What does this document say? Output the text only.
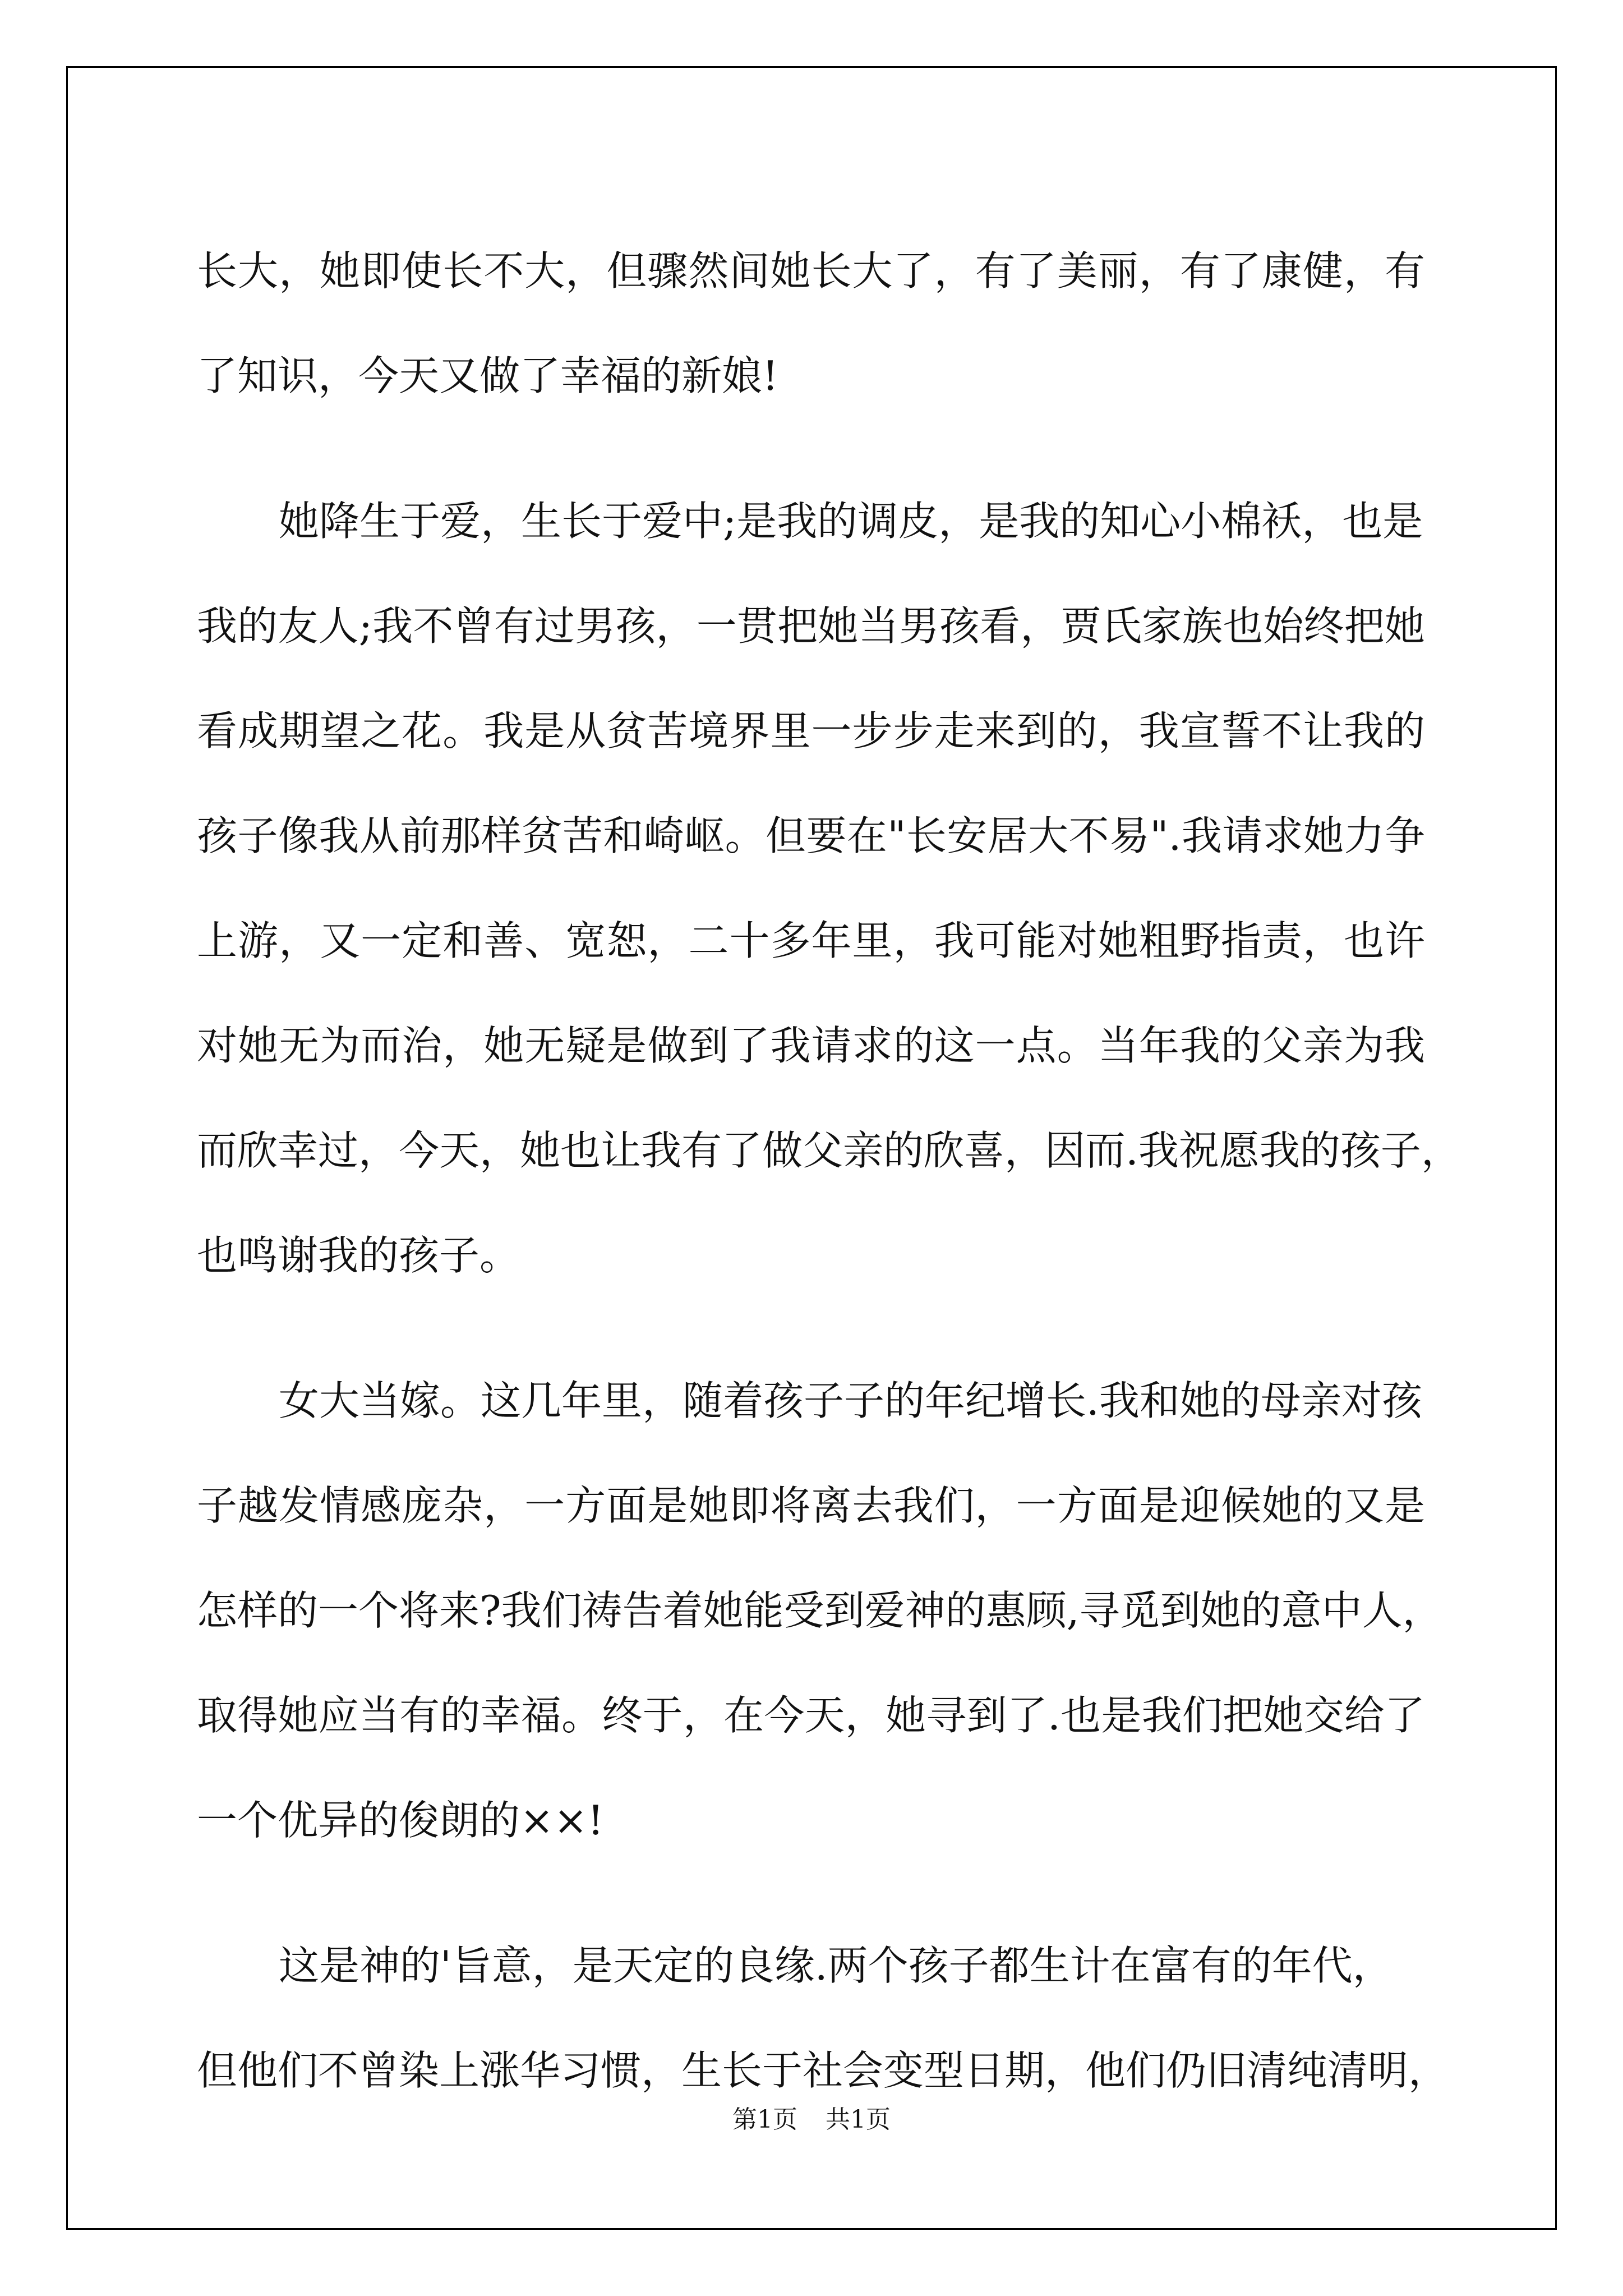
长大，她即使长不大，但骤然间她长大了，有了美丽，有了康健，有
了知识，今天又做了幸福的新娘!
她降生于爱，生长于爱中;是我的调皮，是我的知心小棉袄，也是
我的友人;我不曾有过男孩，一贯把她当男孩看，贾氏家族也始终把她
看成期望之花。我是从贫苦境界里一步步走来到的，我宣誓不让我的
孩子像我从前那样贫苦和崎岖。但要在"长安居大不易".我请求她力争
上游，又一定和善、宽恕，二十多年里，我可能对她粗野指责，也许
对她无为而治，她无疑是做到了我请求的这一点。当年我的父亲为我
而欣幸过，今天，她也让我有了做父亲的欣喜，因而.我祝愿我的孩子，
也鸣谢我的孩子。
女大当嫁。这几年里，随着孩子子的年纪增长.我和她的母亲对孩
子越发情感庞杂，一方面是她即将离去我们，一方面是迎候她的又是
怎样的一个将来?我们祷告着她能受到爱神的惠顾,寻觅到她的意中人，
取得她应当有的幸福。终于，在今天，她寻到了.也是我们把她交给了
一个优异的俊朗的××!
这是神的'旨意，是天定的良缘.两个孩子都生计在富有的年代，
但他们不曾染上涨华习惯，生长于社会变型日期，他们仍旧清纯清明，
第1页 共1页
